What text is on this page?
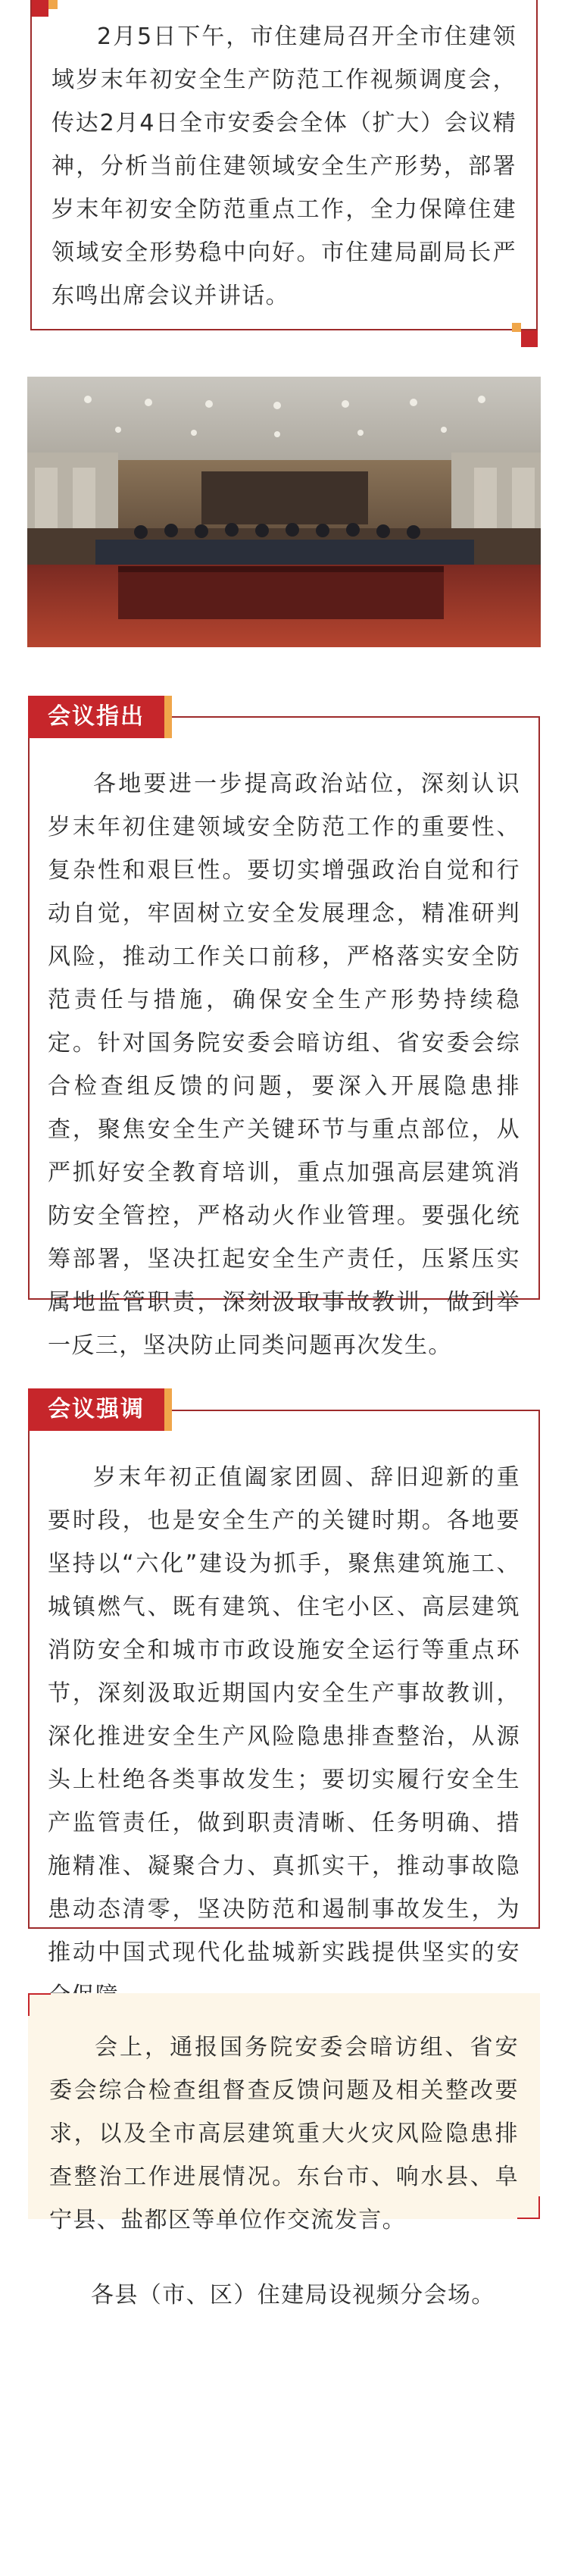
2月5日下午，市住建局召开全市住建领域岁末年初安全生产防范工作视频调度会，传达2月4日全市安委会全体（扩大）会议精神，分析当前住建领域安全生产形势，部署岁末年初安全防范重点工作，全力保障住建领域安全形势稳中向好。市住建局副局长严东鸣出席会议并讲话。

各地要进一步提高政治站位，深刻认识岁末年初住建领域安全防范工作的重要性、复杂性和艰巨性。要切实增强政治自觉和行动自觉，牢固树立安全发展理念，精准研判风险，推动工作关口前移，严格落实安全防范责任与措施，确保安全生产形势持续稳定。针对国务院安委会暗访组、省安委会综合检查组反馈的问题，要深入开展隐患排查，聚焦安全生产关键环节与重点部位，从严抓好安全教育培训，重点加强高层建筑消防安全管控，严格动火作业管理。要强化统筹部署，坚决扛起安全生产责任，压紧压实属地监管职责，深刻汲取事故教训，做到举一反三，坚决防止同类问题再次发生。

会议指出

岁末年初正值阖家团圆、辞旧迎新的重要时段，也是安全生产的关键时期。各地要坚持以“六化”建设为抓手，聚焦建筑施工、城镇燃气、既有建筑、住宅小区、高层建筑消防安全和城市市政设施安全运行等重点环节，深刻汲取近期国内安全生产事故教训，深化推进安全生产风险隐患排查整治，从源头上杜绝各类事故发生；要切实履行安全生产监管责任，做到职责清晰、任务明确、措施精准、凝聚合力、真抓实干，推动事故隐患动态清零，坚决防范和遏制事故发生，为推动中国式现代化盐城新实践提供坚实的安

会议强调

会上，通报国务院安委会暗访组、省安委会综合检查组督查反馈问题及相关整改要求，以及全市高层建筑重大火灾风险隐患排查整治工作进展情况。东台市、响水县、阜宁县、盐都区等单位作交流发言。

各县（市、区）住建局设视频分会场。
